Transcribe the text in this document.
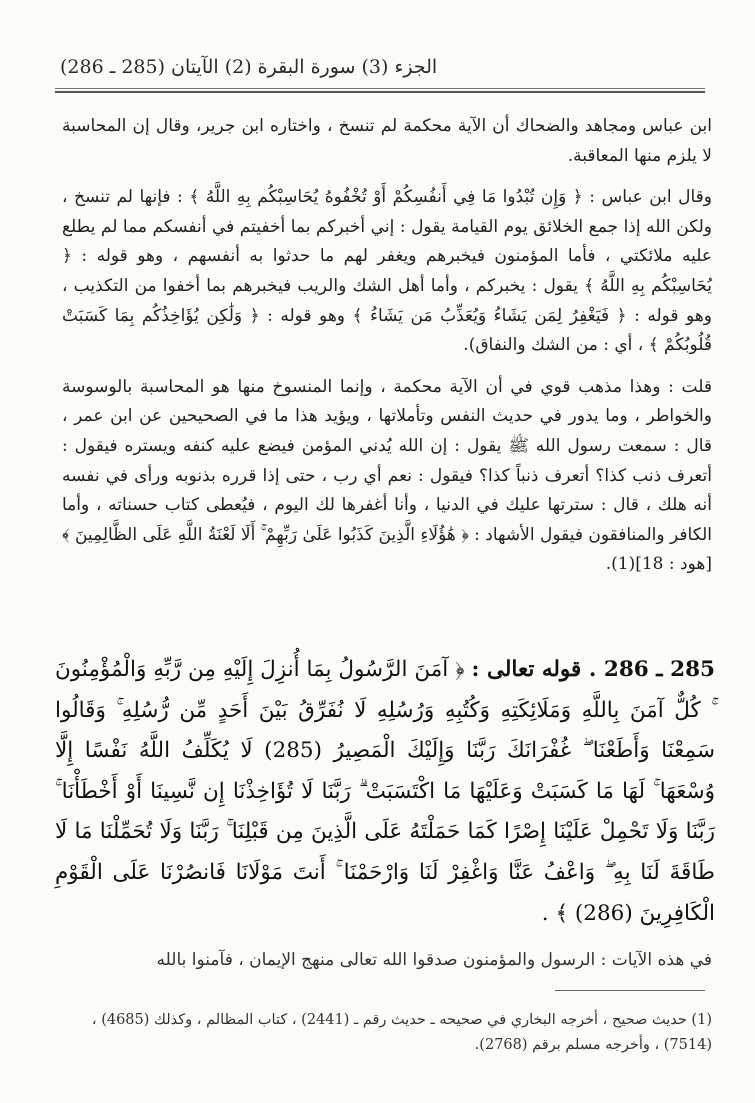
الجزء (3) سورة البقرة (2) الآيتان (285 ـ 286)

ابن عباس ومجاهد والضحاك أن الآية محكمة لم تنسخ ، واختاره ابن جرير، وقال إن المحاسبة لا يلزم منها المعاقبة.

وقال ابن عباس : ﴿ وَإِن تُبْدُوا مَا فِي أَنفُسِكُمْ أَوْ تُخْفُوهُ يُحَاسِبْكُم بِهِ اللَّهُ ﴾ : فإنها لم تنسخ ، ولكن الله إذا جمع الخلائق يوم القيامة يقول : إني أخبركم بما أخفيتم في أنفسكم مما لم يطلع عليه ملائكتي ، فأما المؤمنون فيخبرهم ويغفر لهم ما حدثوا به أنفسهم ، وهو قوله : ﴿ يُحَاسِبْكُم بِهِ اللَّهُ ﴾ يقول : يخبركم ، وأما أهل الشك والريب فيخبرهم بما أخفوا من التكذيب ، وهو قوله : ﴿ فَيَغْفِرُ لِمَن يَشَاءُ وَيُعَذِّبُ مَن يَشَاءُ ﴾ وهو قوله : ﴿ وَلَٰكِن يُؤَاخِذُكُم بِمَا كَسَبَتْ قُلُوبُكُمْ ﴾ ، أي : من الشك والنفاق).

قلت : وهذا مذهب قوي في أن الآية محكمة ، وإنما المنسوخ منها هو المحاسبة بالوسوسة والخواطر ، وما يدور في حديث النفس وتأملاتها ، ويؤيد هذا ما في الصحيحين عن ابن عمر ، قال : سمعت رسول الله ﷺ يقول : إن الله يُدني المؤمن فيضع عليه كنفه ويستره فيقول : أتعرف ذنب كذا؟ أتعرف ذنباً كذا؟ فيقول : نعم أي رب ، حتى إذا قرره بذنوبه ورأى في نفسه أنه هلك ، قال : سترتها عليك في الدنيا ، وأنا أغفرها لك اليوم ، فيُعطى كتاب حسناته ، وأما الكافر والمنافقون فيقول الأشهاد : ﴿ هَٰؤُلَاءِ الَّذِينَ كَذَبُوا عَلَىٰ رَبِّهِمْ ۚ أَلَا لَعْنَةُ اللَّهِ عَلَى الظَّالِمِينَ ﴾ [هود : 18](1).

285 ـ 286 . قوله تعالى : ﴿ آمَنَ الرَّسُولُ بِمَا أُنزِلَ إِلَيْهِ مِن رَّبِّهِ وَالْمُؤْمِنُونَ ۚ كُلٌّ آمَنَ بِاللَّهِ وَمَلَائِكَتِهِ وَكُتُبِهِ وَرُسُلِهِ لَا نُفَرِّقُ بَيْنَ أَحَدٍ مِّن رُّسُلِهِ ۚ وَقَالُوا سَمِعْنَا وَأَطَعْنَا ۖ غُفْرَانَكَ رَبَّنَا وَإِلَيْكَ الْمَصِيرُ (285) لَا يُكَلِّفُ اللَّهُ نَفْسًا إِلَّا وُسْعَهَا ۚ لَهَا مَا كَسَبَتْ وَعَلَيْهَا مَا اكْتَسَبَتْ ۗ رَبَّنَا لَا تُؤَاخِذْنَا إِن نَّسِينَا أَوْ أَخْطَأْنَا ۚ رَبَّنَا وَلَا تَحْمِلْ عَلَيْنَا إِصْرًا كَمَا حَمَلْتَهُ عَلَى الَّذِينَ مِن قَبْلِنَا ۚ رَبَّنَا وَلَا تُحَمِّلْنَا مَا لَا طَاقَةَ لَنَا بِهِ ۖ وَاعْفُ عَنَّا وَاغْفِرْ لَنَا وَارْحَمْنَا ۚ أَنتَ مَوْلَانَا فَانصُرْنَا عَلَى الْقَوْمِ الْكَافِرِينَ (286) ﴾ .
في هذه الآيات : الرسول والمؤمنون صدقوا الله تعالى منهج الإيمان ، فآمنوا بالله
(1) حديث صحيح ، أخرجه البخاري في صحيحه ـ حديث رقم ـ (2441) ، كتاب المظالم ، وكذلك (4685) ، (7514) ، وأخرجه مسلم برقم (2768).
